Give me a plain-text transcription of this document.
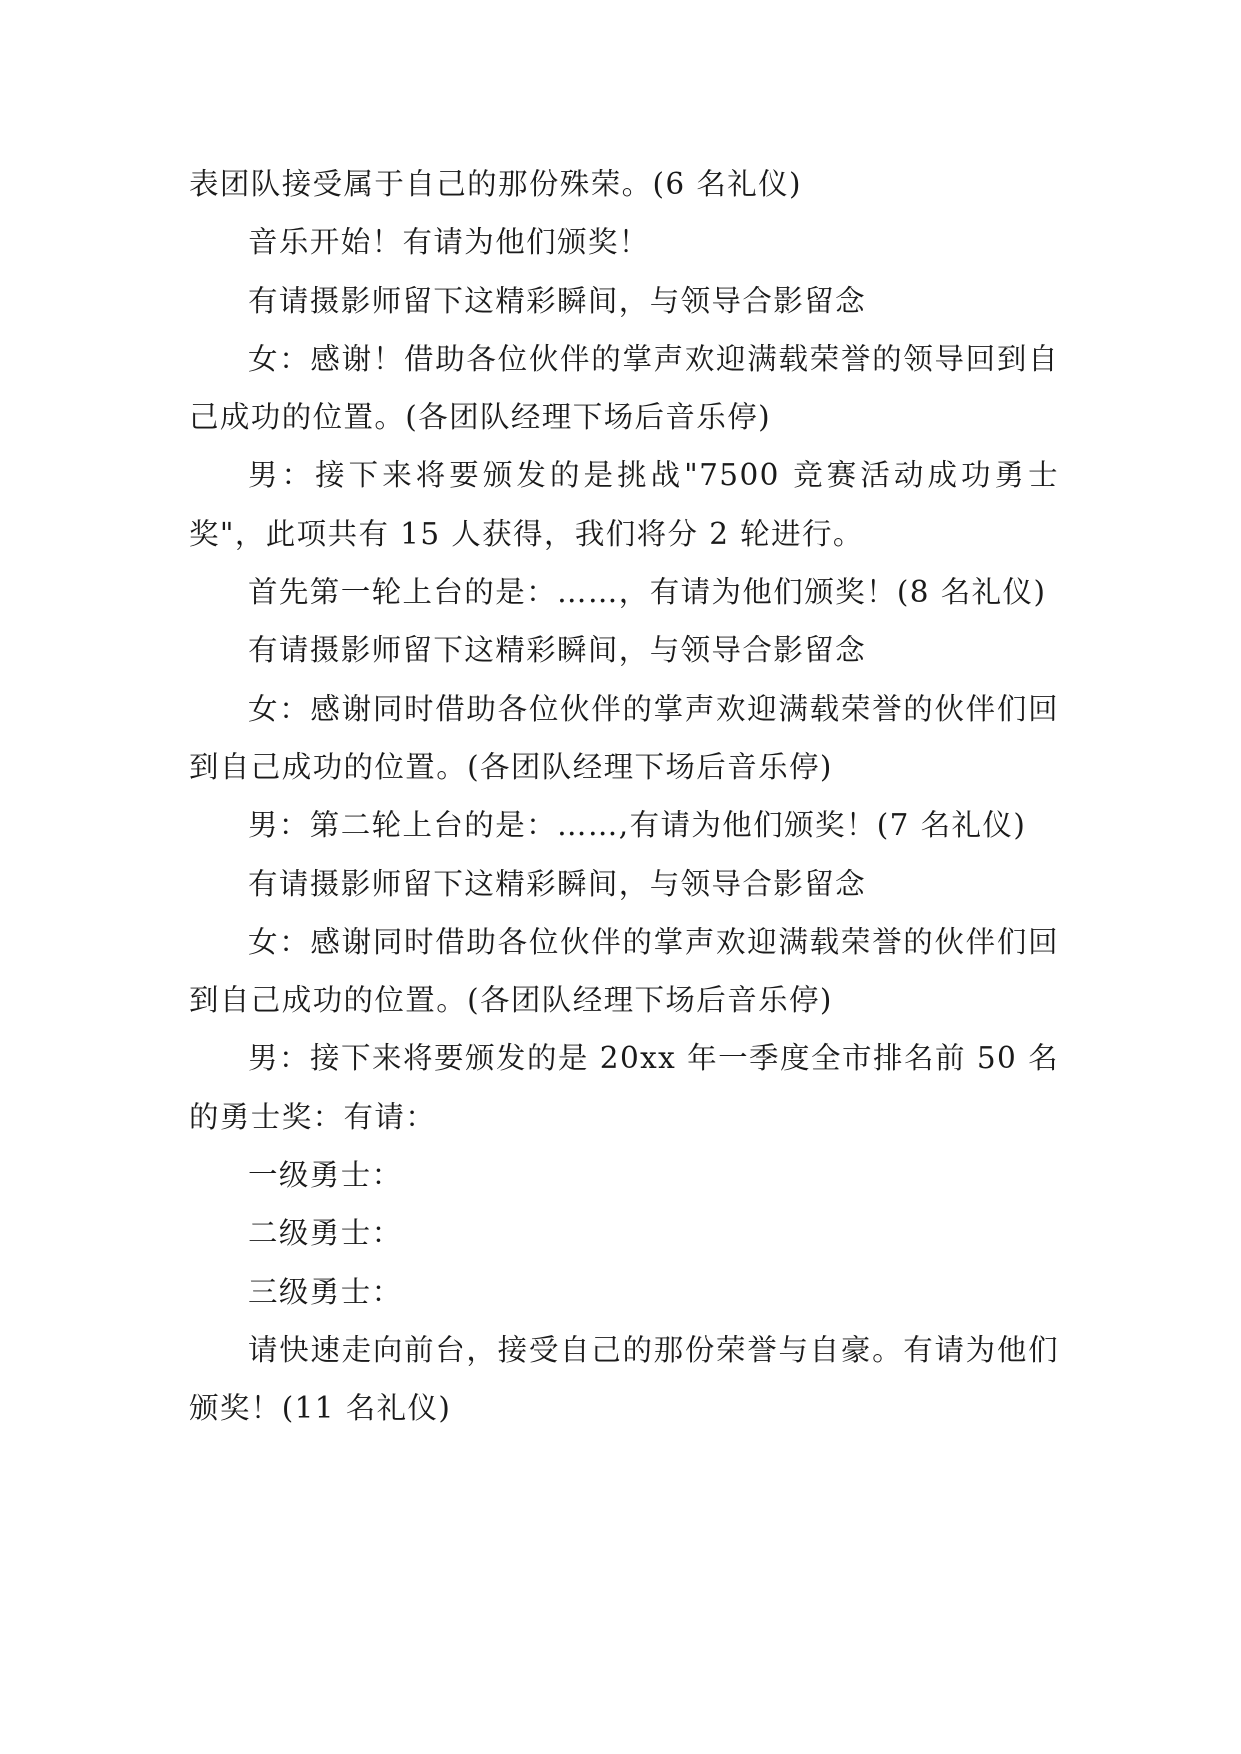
表团队接受属于自己的那份殊荣。(6 名礼仪)

音乐开始！有请为他们颁奖！

有请摄影师留下这精彩瞬间，与领导合影留念

女：感谢！借助各位伙伴的掌声欢迎满载荣誉的领导回到自己成功的位置。(各团队经理下场后音乐停)

男：接下来将要颁发的是挑战"7500 竞赛活动成功勇士奖"，此项共有 15 人获得，我们将分 2 轮进行。

首先第一轮上台的是：……，有请为他们颁奖！(8 名礼仪)

有请摄影师留下这精彩瞬间，与领导合影留念

女：感谢同时借助各位伙伴的掌声欢迎满载荣誉的伙伴们回到自己成功的位置。(各团队经理下场后音乐停)

男：第二轮上台的是：……,有请为他们颁奖！(7 名礼仪)

有请摄影师留下这精彩瞬间，与领导合影留念

女：感谢同时借助各位伙伴的掌声欢迎满载荣誉的伙伴们回到自己成功的位置。(各团队经理下场后音乐停)

男：接下来将要颁发的是 20xx 年一季度全市排名前 50 名的勇士奖：有请：

一级勇士：

二级勇士：

三级勇士：

请快速走向前台，接受自己的那份荣誉与自豪。有请为他们颁奖！(11 名礼仪)
